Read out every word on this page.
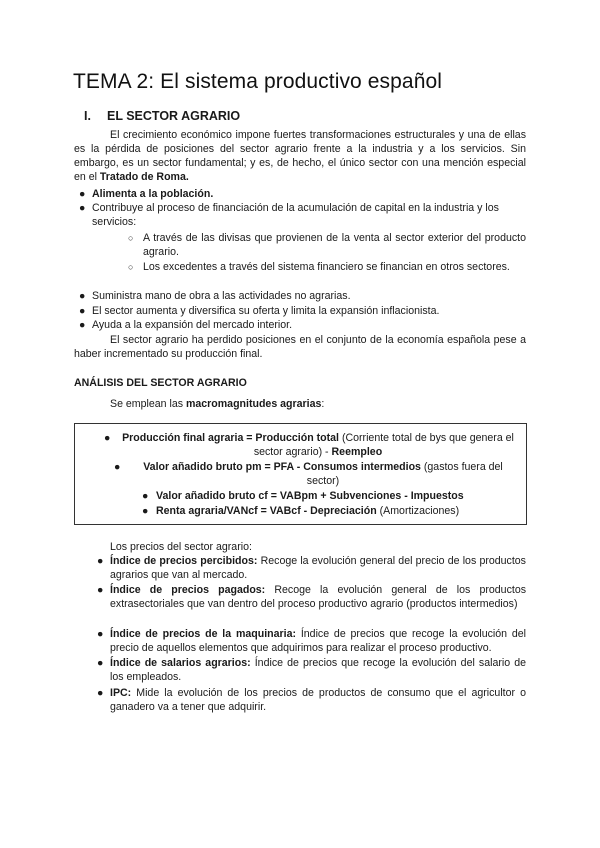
TEMA 2: El sistema productivo español
I. EL SECTOR AGRARIO
El crecimiento económico impone fuertes transformaciones estructurales y una de ellas es la pérdida de posiciones del sector agrario frente a la industria y a los servicios. Sin embargo, es un sector fundamental; y es, de hecho, el único sector con una mención especial en el Tratado de Roma.
● Alimenta a la población.
● Contribuye al proceso de financiación de la acumulación de capital en la industria y los servicios:
○ A través de las divisas que provienen de la venta al sector exterior del producto agrario.
○ Los excedentes a través del sistema financiero se financian en otros sectores.
● Suministra mano de obra a las actividades no agrarias.
● El sector aumenta y diversifica su oferta y limita la expansión inflacionista.
● Ayuda a la expansión del mercado interior.
El sector agrario ha perdido posiciones en el conjunto de la economía española pese a haber incrementado su producción final.
ANÁLISIS DEL SECTOR AGRARIO
Se emplean las macromagnitudes agrarias:
● Producción final agraria = Producción total (Corriente total de bys que genera el sector agrario) - Reempleo
● Valor añadido bruto pm = PFA - Consumos intermedios (gastos fuera del sector)
● Valor añadido bruto cf = VABpm + Subvenciones - Impuestos
● Renta agraria/VANcf = VABcf - Depreciación (Amortizaciones)
Los precios del sector agrario:
● Índice de precios percibidos: Recoge la evolución general del precio de los productos agrarios que van al mercado.
● Índice de precios pagados: Recoge la evolución general de los productos extrasectoriales que van dentro del proceso productivo agrario (productos intermedios)
● Índice de precios de la maquinaria: Índice de precios que recoge la evolución del precio de aquellos elementos que adquirimos para realizar el proceso productivo.
● Índice de salarios agrarios: Índice de precios que recoge la evolución del salario de los empleados.
● IPC: Mide la evolución de los precios de productos de consumo que el agricultor o ganadero va a tener que adquirir.
